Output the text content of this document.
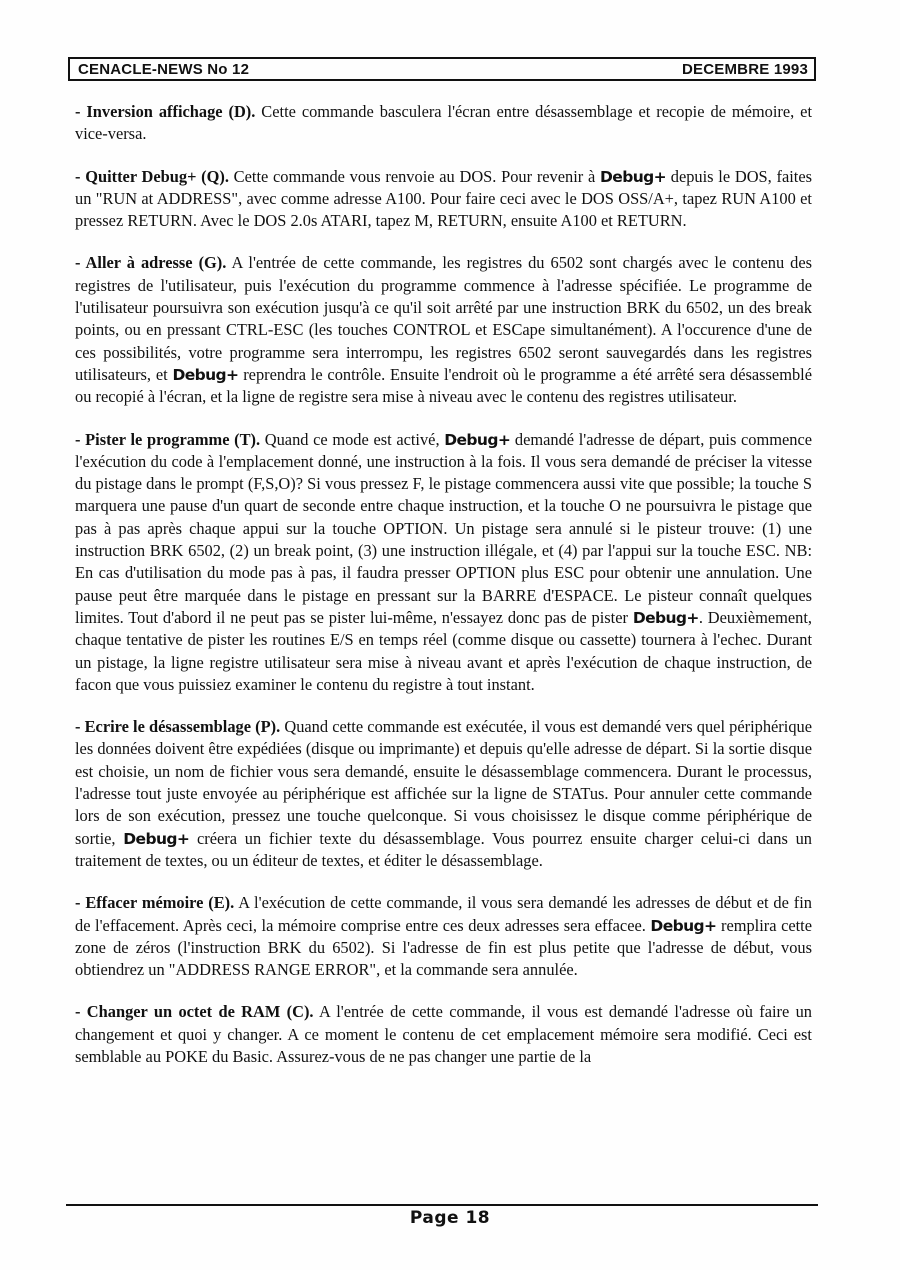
CENACLE-NEWS No 12	DECEMBRE 1993

- Inversion affichage (D). Cette commande basculera l'écran entre désassemblage et recopie de mémoire, et vice-versa.

- Quitter Debug+ (Q). Cette commande vous renvoie au DOS. Pour revenir à Debug+ depuis le DOS, faites un "RUN at ADDRESS", avec comme adresse A100. Pour faire ceci avec le DOS OSS/A+, tapez RUN A100 et pressez RETURN. Avec le DOS 2.0s ATARI, tapez M, RETURN, ensuite A100 et RETURN.

- Aller à adresse (G). A l'entrée de cette commande, les registres du 6502 sont chargés avec le contenu des registres de l'utilisateur, puis l'exécution du programme commence à l'adresse spécifiée. Le programme de l'utilisateur poursuivra son exécution jusqu'à ce qu'il soit arrêté par une instruction BRK du 6502, un des break points, ou en pressant CTRL-ESC (les touches CONTROL et ESCape simultanément). A l'occurence d'une de ces possibilités, votre programme sera interrompu, les registres 6502 seront sauvegardés dans les registres utilisateurs, et Debug+ reprendra le contrôle. Ensuite l'endroit où le programme a été arrêté sera désassemblé ou recopié à l'écran, et la ligne de registre sera mise à niveau avec le contenu des registres utilisateur.

- Pister le programme (T). Quand ce mode est activé, Debug+ demandé l'adresse de départ, puis commence l'exécution du code à l'emplacement donné, une instruction à la fois. Il vous sera demandé de préciser la vitesse du pistage dans le prompt (F,S,O)? Si vous pressez F, le pistage commencera aussi vite que possible; la touche S marquera une pause d'un quart de seconde entre chaque instruction, et la touche O ne poursuivra le pistage que pas à pas après chaque appui sur la touche OPTION. Un pistage sera annulé si le pisteur trouve: (1) une instruction BRK 6502, (2) un break point, (3) une instruction illégale, et (4) par l'appui sur la touche ESC. NB: En cas d'utilisation du mode pas à pas, il faudra presser OPTION plus ESC pour obtenir une annulation. Une pause peut être marquée dans le pistage en pressant sur la BARRE d'ESPACE. Le pisteur connaît quelques limites. Tout d'abord il ne peut pas se pister lui-même, n'essayez donc pas de pister Debug+. Deuxièmement, chaque tentative de pister les routines E/S en temps réel (comme disque ou cassette) tournera à l'echec. Durant un pistage, la ligne registre utilisateur sera mise à niveau avant et après l'exécution de chaque instruction, de facon que vous puissiez examiner le contenu du registre à tout instant.

- Ecrire le désassemblage (P). Quand cette commande est exécutée, il vous est demandé vers quel périphérique les données doivent être expédiées (disque ou imprimante) et depuis qu'elle adresse de départ. Si la sortie disque est choisie, un nom de fichier vous sera demandé, ensuite le désassemblage commencera. Durant le processus, l'adresse tout juste envoyée au périphérique est affichée sur la ligne de STATus. Pour annuler cette commande lors de son exécution, pressez une touche quelconque. Si vous choisissez le disque comme périphérique de sortie, Debug+ créera un fichier texte du désassemblage. Vous pourrez ensuite charger celui-ci dans un traitement de textes, ou un éditeur de textes, et éditer le désassemblage.

- Effacer mémoire (E). A l'exécution de cette commande, il vous sera demandé les adresses de début et de fin de l'effacement. Après ceci, la mémoire comprise entre ces deux adresses sera effacee. Debug+ remplira cette zone de zéros (l'instruction BRK du 6502). Si l'adresse de fin est plus petite que l'adresse de début, vous obtiendrez un "ADDRESS RANGE ERROR", et la commande sera annulée.

- Changer un octet de RAM (C). A l'entrée de cette commande, il vous est demandé l'adresse où faire un changement et quoi y changer. A ce moment le contenu de cet emplacement mémoire sera modifié. Ceci est semblable au POKE du Basic. Assurez-vous de ne pas changer une partie de la

Page 18
